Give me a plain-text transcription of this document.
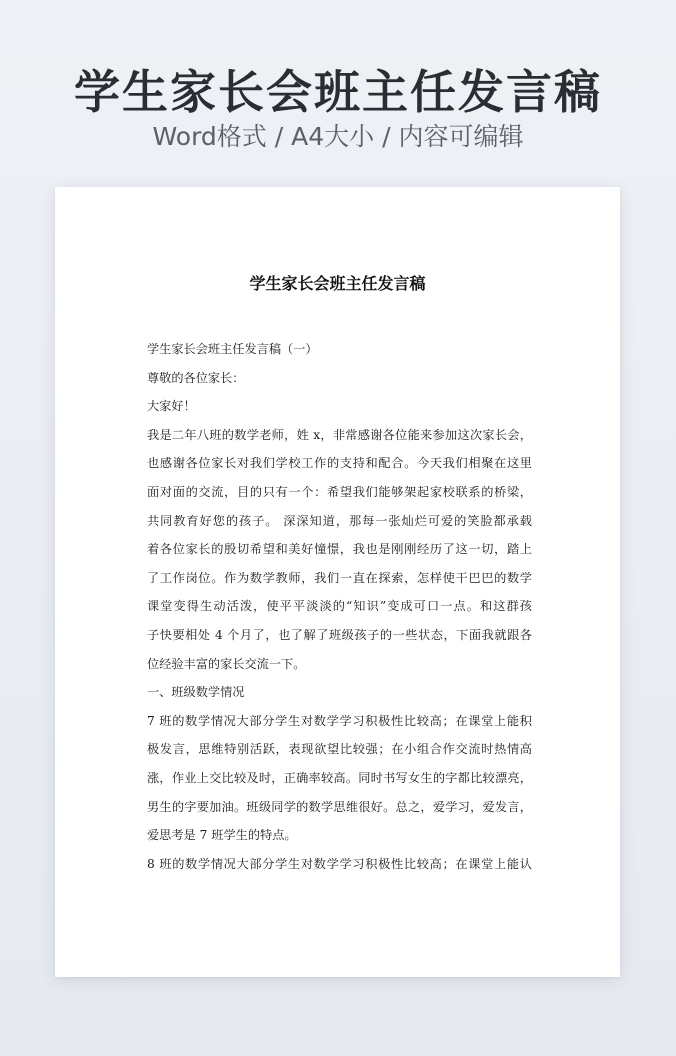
学生家长会班主任发言稿
Word格式 / A4大小 / 内容可编辑
学生家长会班主任发言稿
学生家长会班主任发言稿（一）
尊敬的各位家长：
大家好！
我是二年八班的数学老师，姓 x，非常感谢各位能来参加这次家长会，
也感谢各位家长对我们学校工作的支持和配合。今天我们相聚在这里
面对面的交流，目的只有一个：希望我们能够架起家校联系的桥梁，
共同教育好您的孩子。 深深知道，那每一张灿烂可爱的笑脸都承载
着各位家长的殷切希望和美好憧憬，我也是刚刚经历了这一切，踏上
了工作岗位。作为数学教师，我们一直在探索，怎样使干巴巴的数学
课堂变得生动活泼，使平平淡淡的“知识”变成可口一点。和这群孩
子快要相处 4 个月了，也了解了班级孩子的一些状态，下面我就跟各
位经验丰富的家长交流一下。
一、班级数学情况
7 班的数学情况大部分学生对数学学习积极性比较高；在课堂上能积
极发言，思维特别活跃，表现欲望比较强；在小组合作交流时热情高
涨，作业上交比较及时，正确率较高。同时书写女生的字都比较漂亮，
男生的字要加油。班级同学的数学思维很好。总之，爱学习，爱发言，
爱思考是 7 班学生的特点。
8 班的数学情况大部分学生对数学学习积极性比较高；在课堂上能认
